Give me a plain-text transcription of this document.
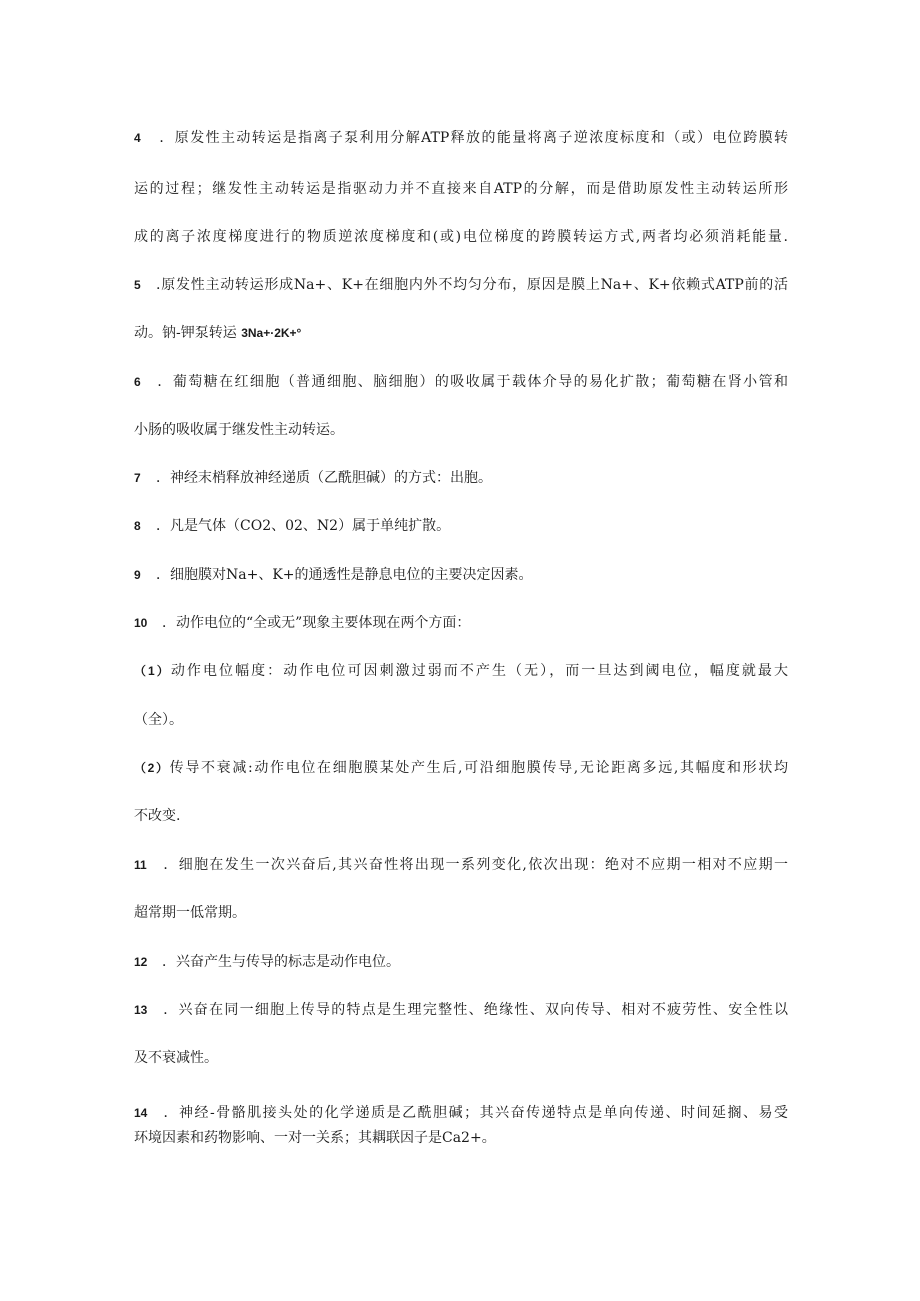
4 ．原发性主动转运是指离子泵利用分解ATP释放的能量将离子逆浓度标度和（或）电位跨膜转
运的过程；继发性主动转运是指驱动力并不直接来自ATP的分解，而是借助原发性主动转运所形
成的离子浓度梯度进行的物质逆浓度梯度和(或)电位梯度的跨膜转运方式,两者均必须消耗能量.
5 .原发性主动转运形成Na+、K+在细胞内外不均匀分布，原因是膜上Na+、K+依赖式ATP前的活
动。钠-钾泵转运 3Na+·2K+°
6 ．葡萄糖在红细胞（普通细胞、脑细胞）的吸收属于载体介导的易化扩散；葡萄糖在肾小管和
小肠的吸收属于继发性主动转运。
7 ．神经末梢释放神经递质（乙酰胆碱）的方式：出胞。
8 ．凡是气体（CO2、02、N2）属于单纯扩散。
9 ．细胞膜对Na+、K+的通透性是静息电位的主要决定因素。
10 ．动作电位的“全或无”现象主要体现在两个方面：
（1）动作电位幅度：动作电位可因刺激过弱而不产生（无），而一旦达到阈电位，幅度就最大
（全）。
（2）传导不衰减:动作电位在细胞膜某处产生后,可沿细胞膜传导,无论距离多远,其幅度和形状均
不改变.
11 ．细胞在发生一次兴奋后,其兴奋性将出现一系列变化,依次出现：绝对不应期一相对不应期一
超常期一低常期。
12 ．兴奋产生与传导的标志是动作电位。
13 ．兴奋在同一细胞上传导的特点是生理完整性、绝缘性、双向传导、相对不疲劳性、安全性以
及不衰减性。
14 ．神经-骨骼肌接头处的化学递质是乙酰胆碱；其兴奋传递特点是单向传递、时间延搁、易受
环境因素和药物影响、一对一关系；其耦联因子是Ca2+。
